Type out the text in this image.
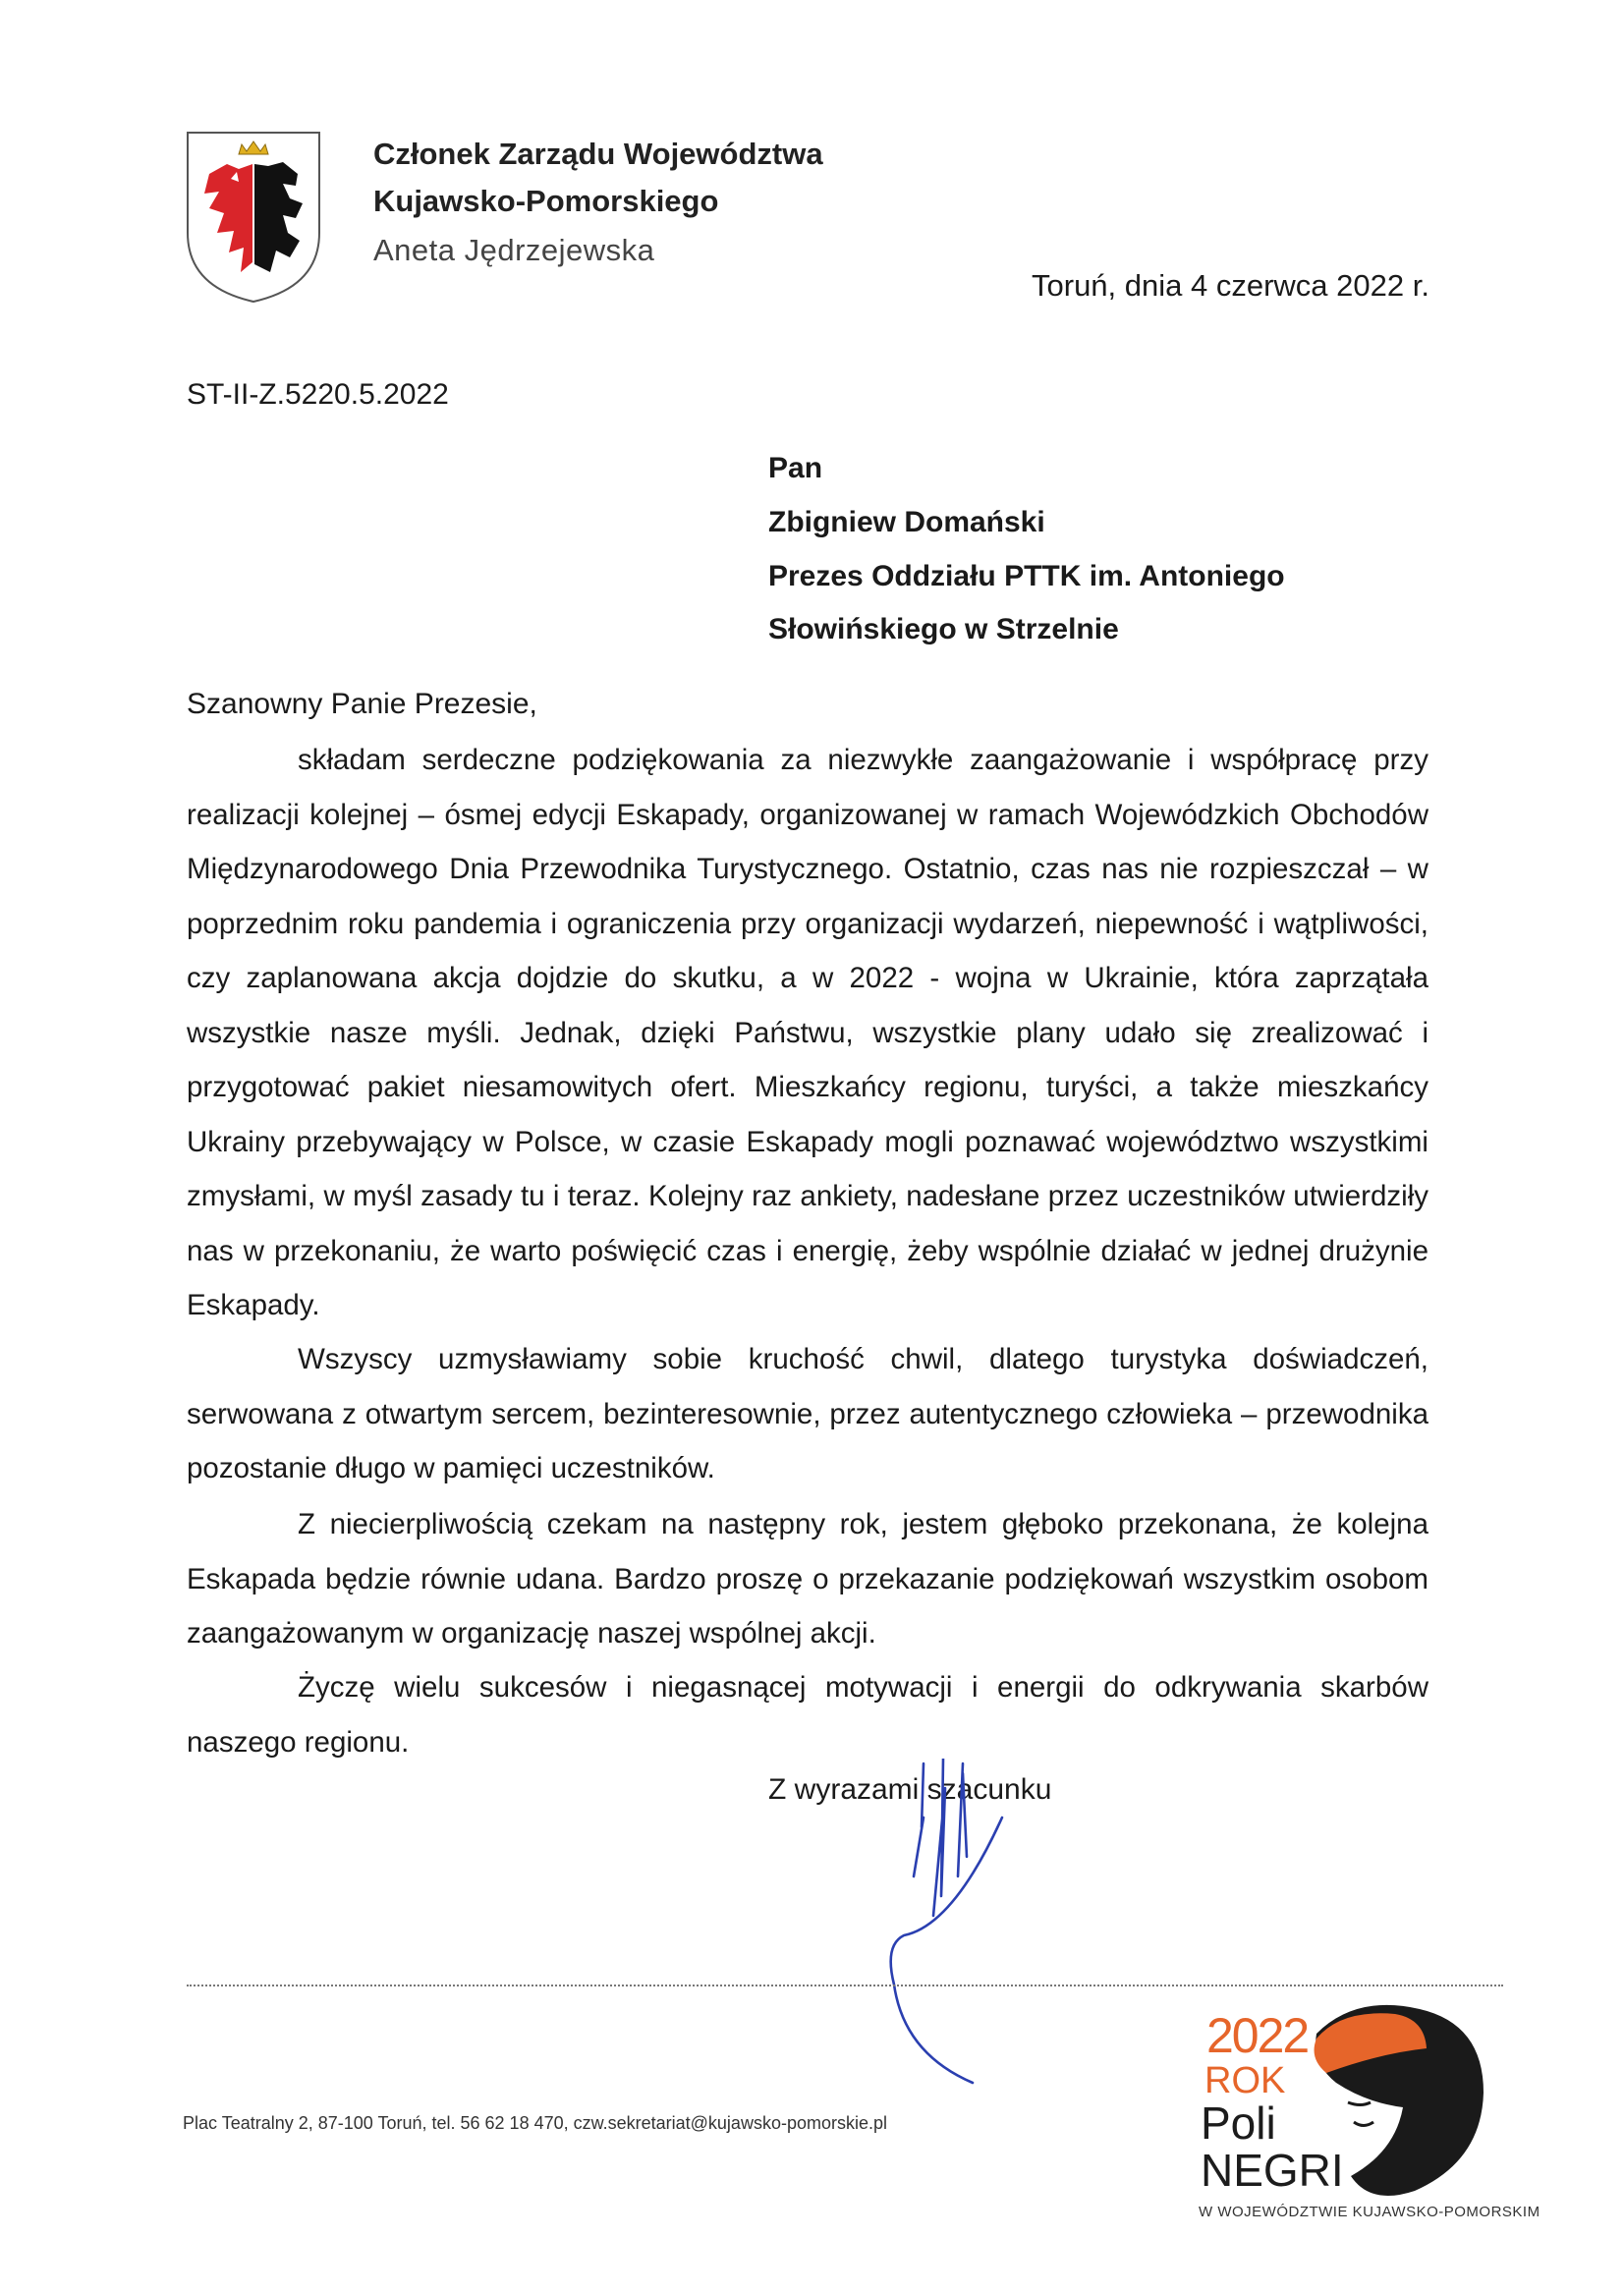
Członek Zarządu Województwa
Kujawsko-Pomorskiego
Aneta Jędrzejewska
Toruń, dnia 4 czerwca 2022 r.
ST-II-Z.5220.5.2022
Pan
Zbigniew Domański
Prezes Oddziału PTTK im. Antoniego
Słowińskiego w Strzelnie
Szanowny Panie Prezesie,
składam serdeczne podziękowania za niezwykłe zaangażowanie i współpracę przy realizacji kolejnej – ósmej edycji Eskapady, organizowanej w ramach Wojewódzkich Obchodów Międzynarodowego Dnia Przewodnika Turystycznego. Ostatnio, czas nas nie rozpieszczał – w poprzednim roku pandemia i ograniczenia przy organizacji wydarzeń, niepewność i wątpliwości, czy zaplanowana akcja dojdzie do skutku, a w 2022 - wojna w Ukrainie, która zaprzątała wszystkie nasze myśli. Jednak, dzięki Państwu, wszystkie plany udało się zrealizować i przygotować pakiet niesamowitych ofert. Mieszkańcy regionu, turyści, a także mieszkańcy Ukrainy przebywający w Polsce, w czasie Eskapady mogli poznawać województwo wszystkimi zmysłami, w myśl zasady tu i teraz. Kolejny raz ankiety, nadesłane przez uczestników utwierdziły nas w przekonaniu, że warto poświęcić czas i energię, żeby wspólnie działać w jednej drużynie Eskapady.
Wszyscy uzmysławiamy sobie kruchość chwil, dlatego turystyka doświadczeń, serwowana z otwartym sercem, bezinteresownie, przez autentycznego człowieka – przewodnika pozostanie długo w pamięci uczestników.
Z niecierpliwością czekam na następny rok, jestem głęboko przekonana, że kolejna Eskapada będzie równie udana. Bardzo proszę o przekazanie podziękowań wszystkim osobom zaangażowanym w organizację naszej wspólnej akcji.
Życzę wielu sukcesów i niegasnącej motywacji i energii do odkrywania skarbów naszego regionu.
Z wyrazami szacunku
Plac Teatralny 2, 87-100 Toruń, tel. 56 62 18 470, czw.sekretariat@kujawsko-pomorskie.pl
2022
ROK
Poli
NEGRI
W WOJEWÓDZTWIE KUJAWSKO-POMORSKIM
